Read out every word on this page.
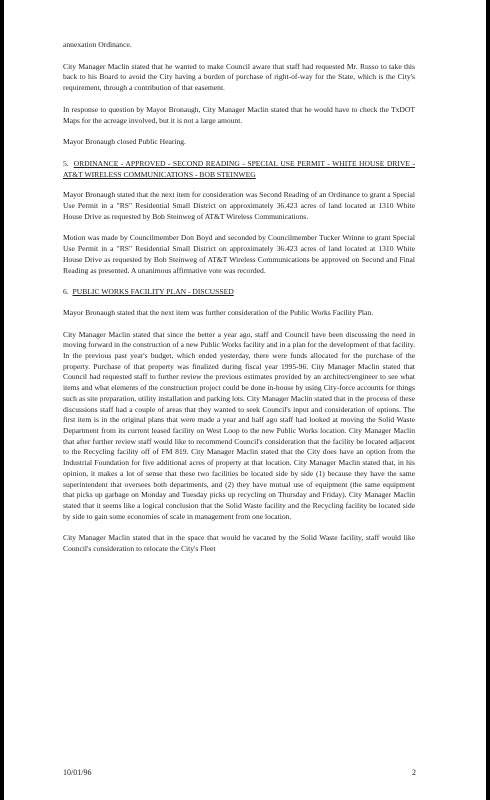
annexation Ordinance.

City Manager Maclin stated that he wanted to make Council aware that staff had requested Mr. Russo to take this back to his Board to avoid the City having a burden of purchase of right-of-way for the State, which is the City's requirement, through a contribution of that easement.

In response to question by Mayor Bronaugh, City Manager Maclin stated that he would have to check the TxDOT Maps for the acreage involved, but it is not a large amount.

Mayor Bronaugh closed Public Hearing.

5. ORDINANCE - APPROVED - SECOND READING - SPECIAL USE PERMIT - WHITE HOUSE DRIVE - AT&T WIRELESS COMMUNICATIONS - BOB STEINWEG

Mayor Bronaugh stated that the next item for consideration was Second Reading of an Ordinance to grant a Special Use Permit in a "RS" Residential Small District on approximately 36.423 acres of land located at 1310 White House Drive as requested by Bob Steinweg of AT&T Wireless Communications.

Motion was made by Councilmember Don Boyd and seconded by Councilmember Tucker Wrinne to grant Special Use Permit in a "RS" Residential Small District on approximately 36.423 acres of land located at 1310 White House Drive as requested by Bob Steinweg of AT&T Wireless Communications be approved on Second and Final Reading as presented. A unanimous affirmative vote was recorded.

6. PUBLIC WORKS FACILITY PLAN - DISCUSSED

Mayor Bronaugh stated that the next item was further consideration of the Public Works Facility Plan.

City Manager Maclin stated that since the better a year ago, staff and Council have been discussing the need in moving forward in the construction of a new Public Works facility and in a plan for the development of that facility. In the previous past year's budget, which ended yesterday, there were funds allocated for the purchase of the property. Purchase of that property was finalized during fiscal year 1995-96. City Manager Maclin stated that Council had requested staff to further review the previous estimates provided by an architect/engineer to see what items and what elements of the construction project could be done in-house by using City-force accounts for things such as site preparation, utility installation and parking lots. City Manager Maclin stated that in the process of these discussions staff had a couple of areas that they wanted to seek Council's input and consideration of options. The first item is in the original plans that were made a year and half ago staff had looked at moving the Solid Waste Department from its current leased facility on West Loop to the new Public Works location. City Manager Maclin that after further review staff would like to recommend Council's consideration that the facility be located adjacent to the Recycling facility off of FM 819. City Manager Maclin stated that the City does have an option from the Industrial Foundation for five additional acres of property at that location. City Manager Maclin stated that, in his opinion, it makes a lot of sense that these two facilities be located side by side (1) because they have the same superintendent that oversees both departments, and (2) they have mutual use of equipment (the same equipment that picks up garbage on Monday and Tuesday picks up recycling on Thursday and Friday). City Manager Maclin stated that it seems like a logical conclusion that the Solid Waste facility and the Recycling facility be located side by side to gain some economies of scale in management from one location.

City Manager Maclin stated that in the space that would be vacated by the Solid Waste facility, staff would like Council's consideration to relocate the City's Fleet

10/01/96	2
